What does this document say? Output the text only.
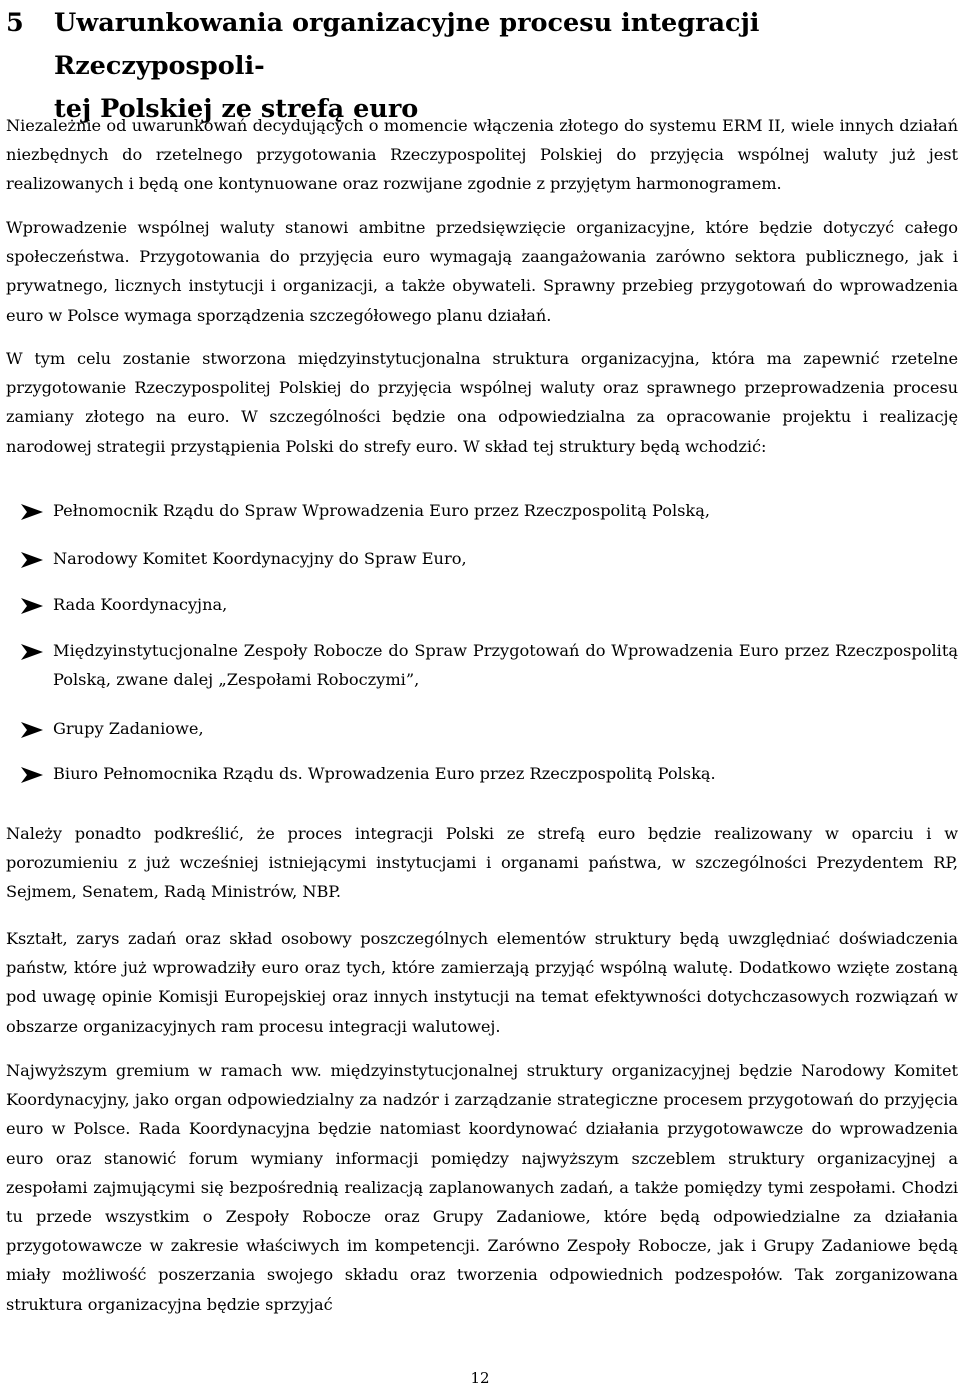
5	Uwarunkowania organizacyjne procesu integracji Rzeczypospoli-
tej Polskiej ze strefą euro

Niezależnie od uwarunkowań decydujących o momencie włączenia złotego do systemu ERM II, wiele innych działań niezbędnych do rzetelnego przygotowania Rzeczypospolitej Polskiej do przyjęcia wspólnej waluty już jest realizowanych i będą one kontynuowane oraz rozwijane zgodnie z przyjętym harmonogramem.

Wprowadzenie wspólnej waluty stanowi ambitne przedsięwzięcie organizacyjne, które będzie dotyczyć całego społeczeństwa. Przygotowania do przyjęcia euro wymagają zaangażowania zarówno sektora publicznego, jak i prywatnego, licznych instytucji i organizacji, a także obywateli. Sprawny przebieg przygotowań do wprowadzenia euro w Polsce wymaga sporządzenia szczegółowego planu działań.

W tym celu zostanie stworzona międzyinstytucjonalna struktura organizacyjna, która ma zapewnić rzetelne przygotowanie Rzeczypospolitej Polskiej do przyjęcia wspólnej waluty oraz sprawnego przeprowadzenia procesu zamiany złotego na euro. W szczególności będzie ona odpowiedzialna za opracowanie projektu i realizację narodowej strategii przystąpienia Polski do strefy euro. W skład tej struktury będą wchodzić:

Pełnomocnik Rządu do Spraw Wprowadzenia Euro przez Rzeczpospolitą Polską,
Narodowy Komitet Koordynacyjny do Spraw Euro,
Rada Koordynacyjna,
Międzyinstytucjonalne Zespoły Robocze do Spraw Przygotowań do Wprowadzenia Euro przez Rzeczpospolitą Polską, zwane dalej „Zespołami Roboczymi”,
Grupy Zadaniowe,
Biuro Pełnomocnika Rządu ds. Wprowadzenia Euro przez Rzeczpospolitą Polską.

Należy ponadto podkreślić, że proces integracji Polski ze strefą euro będzie realizowany w oparciu i w porozumieniu z już wcześniej istniejącymi instytucjami i organami państwa, w szczególności Prezydentem RP, Sejmem, Senatem, Radą Ministrów, NBP.

Kształt, zarys zadań oraz skład osobowy poszczególnych elementów struktury będą uwzględniać doświadczenia państw, które już wprowadziły euro oraz tych, które zamierzają przyjąć wspólną walutę. Dodatkowo wzięte zostaną pod uwagę opinie Komisji Europejskiej oraz innych instytucji na temat efektywności dotychczasowych rozwiązań w obszarze organizacyjnych ram procesu integracji walutowej.

Najwyższym gremium w ramach ww. międzyinstytucjonalnej struktury organizacyjnej będzie Narodowy Komitet Koordynacyjny, jako organ odpowiedzialny za nadzór i zarządzanie strategiczne procesem przygotowań do przyjęcia euro w Polsce. Rada Koordynacyjna będzie natomiast koordynować działania przygotowawcze do wprowadzenia euro oraz stanowić forum wymiany informacji pomiędzy najwyższym szczeblem struktury organizacyjnej a zespołami zajmującymi się bezpośrednią realizacją zaplanowanych zadań, a także pomiędzy tymi zespołami. Chodzi tu przede wszystkim o Zespoły Robocze oraz Grupy Zadaniowe, które będą odpowiedzialne za działania przygotowawcze w zakresie właściwych im kompetencji. Zarówno Zespoły Robocze, jak i Grupy Zadaniowe będą miały możliwość poszerzania swojego składu oraz tworzenia odpowiednich podzespołów. Tak zorganizowana struktura organizacyjna będzie sprzyjać

12
